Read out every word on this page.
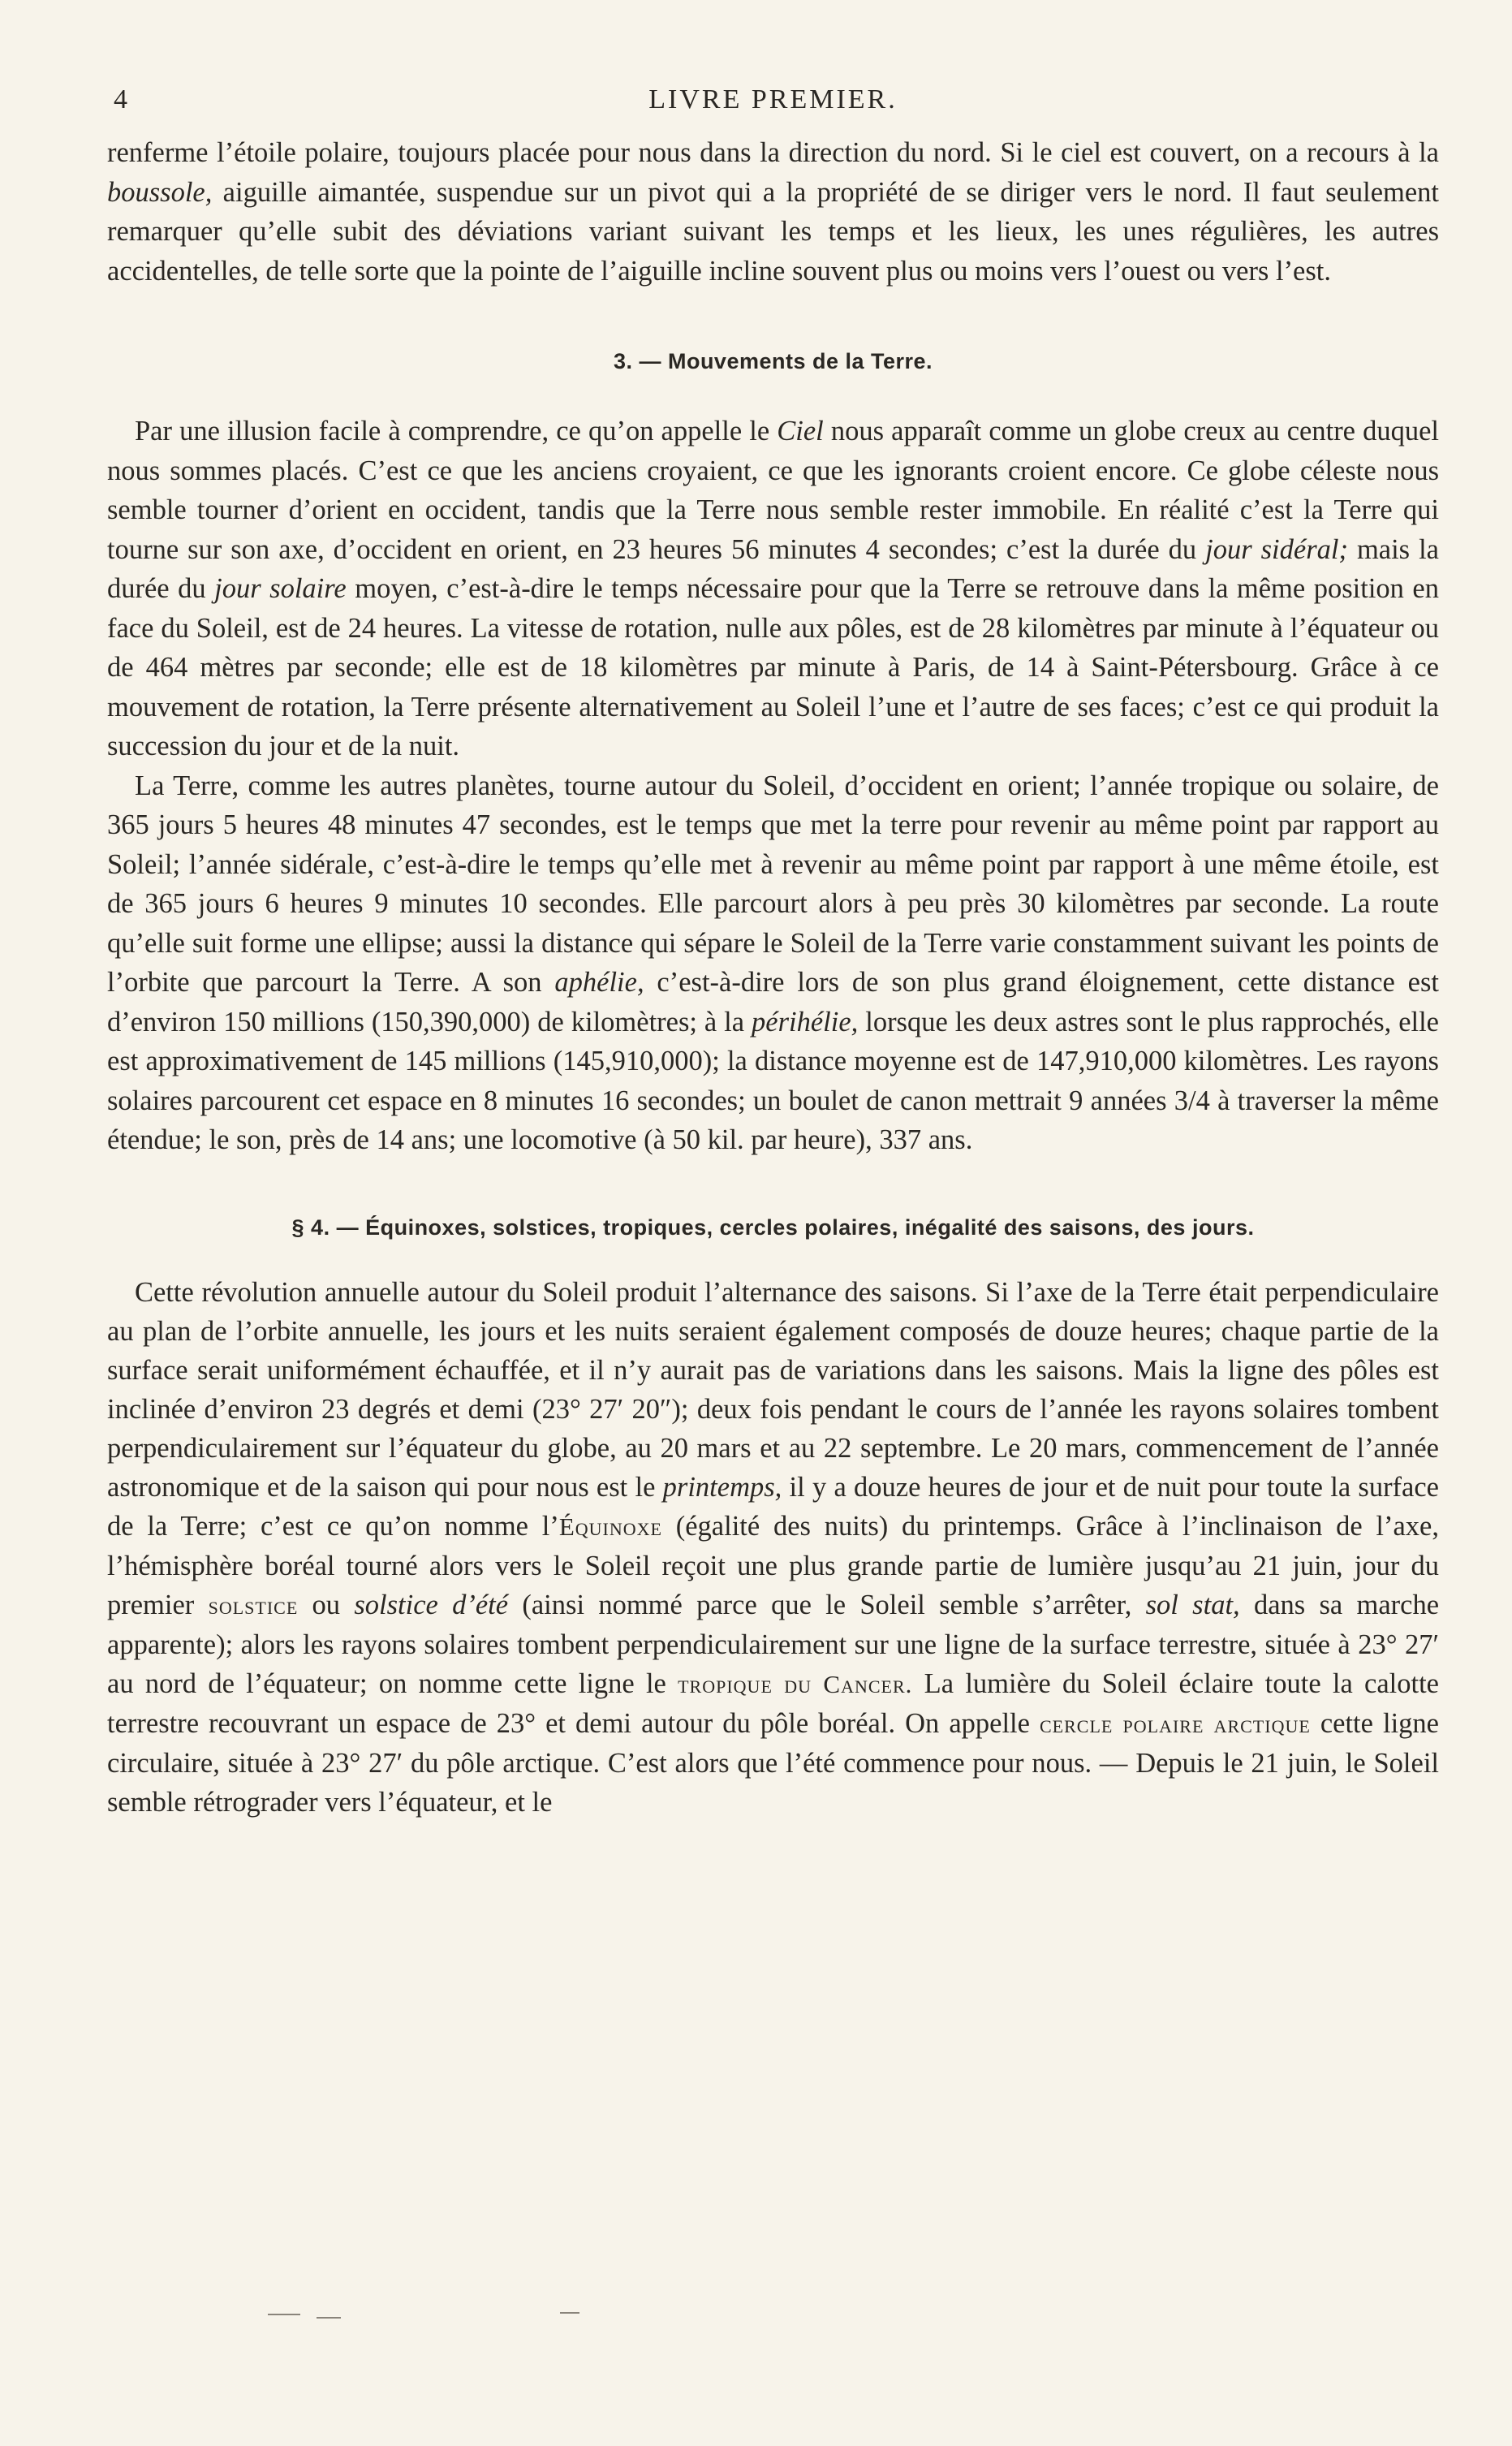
4	LIVRE PREMIER.

renferme l’étoile polaire, toujours placée pour nous dans la direction du nord. Si le ciel est couvert, on a recours à la boussole, aiguille aimantée, suspendue sur un pivot qui a la propriété de se diriger vers le nord. Il faut seulement remarquer qu’elle subit des déviations variant suivant les temps et les lieux, les unes régulières, les autres accidentelles, de telle sorte que la pointe de l’aiguille incline souvent plus ou moins vers l’ouest ou vers l’est.

3. — Mouvements de la Terre.

Par une illusion facile à comprendre, ce qu’on appelle le Ciel nous apparaît comme un globe creux au centre duquel nous sommes placés. C’est ce que les anciens croyaient, ce que les ignorants croient encore. Ce globe céleste nous semble tourner d’orient en occident, tandis que la Terre nous semble rester immobile. En réalité c’est la Terre qui tourne sur son axe, d’occident en orient, en 23 heures 56 minutes 4 secondes; c’est la durée du jour sidéral; mais la durée du jour solaire moyen, c’est-à-dire le temps nécessaire pour que la Terre se retrouve dans la même position en face du Soleil, est de 24 heures. La vitesse de rotation, nulle aux pôles, est de 28 kilomètres par minute à l’équateur ou de 464 mètres par seconde; elle est de 18 kilomètres par minute à Paris, de 14 à Saint-Pétersbourg. Grâce à ce mouvement de rotation, la Terre présente alternativement au Soleil l’une et l’autre de ses faces; c’est ce qui produit la succession du jour et de la nuit.

La Terre, comme les autres planètes, tourne autour du Soleil, d’occident en orient; l’année tropique ou solaire, de 365 jours 5 heures 48 minutes 47 secondes, est le temps que met la terre pour revenir au même point par rapport au Soleil; l’année sidérale, c’est-à-dire le temps qu’elle met à revenir au même point par rapport à une même étoile, est de 365 jours 6 heures 9 minutes 10 secondes. Elle parcourt alors à peu près 30 kilomètres par seconde. La route qu’elle suit forme une ellipse; aussi la distance qui sépare le Soleil de la Terre varie constamment suivant les points de l’orbite que parcourt la Terre. A son aphélie, c’est-à-dire lors de son plus grand éloignement, cette distance est d’environ 150 millions (150,390,000) de kilomètres; à la périhélie, lorsque les deux astres sont le plus rapprochés, elle est approximativement de 145 millions (145,910,000); la distance moyenne est de 147,910,000 kilomètres. Les rayons solaires parcourent cet espace en 8 minutes 16 secondes; un boulet de canon mettrait 9 années 3/4 à traverser la même étendue; le son, près de 14 ans; une locomotive (à 50 kil. par heure), 337 ans.

§ 4. — Équinoxes, solstices, tropiques, cercles polaires, inégalité des saisons, des jours.

Cette révolution annuelle autour du Soleil produit l’alternance des saisons. Si l’axe de la Terre était perpendiculaire au plan de l’orbite annuelle, les jours et les nuits seraient également composés de douze heures; chaque partie de la surface serait uniformément échauffée, et il n’y aurait pas de variations dans les saisons. Mais la ligne des pôles est inclinée d’environ 23 degrés et demi (23° 27′ 20″); deux fois pendant le cours de l’année les rayons solaires tombent perpendiculairement sur l’équateur du globe, au 20 mars et au 22 septembre. Le 20 mars, commencement de l’année astronomique et de la saison qui pour nous est le printemps, il y a douze heures de jour et de nuit pour toute la surface de la Terre; c’est ce qu’on nomme l’Équinoxe (égalité des nuits) du printemps. Grâce à l’inclinaison de l’axe, l’hémisphère boréal tourné alors vers le Soleil reçoit une plus grande partie de lumière jusqu’au 21 juin, jour du premier solstice ou solstice d’été (ainsi nommé parce que le Soleil semble s’arrêter, sol stat, dans sa marche apparente); alors les rayons solaires tombent perpendiculairement sur une ligne de la surface terrestre, située à 23° 27′ au nord de l’équateur; on nomme cette ligne le tropique du Cancer. La lumière du Soleil éclaire toute la calotte terrestre recouvrant un espace de 23° et demi autour du pôle boréal. On appelle cercle polaire arctique cette ligne circulaire, située à 23° 27′ du pôle arctique. C’est alors que l’été commence pour nous. — Depuis le 21 juin, le Soleil semble rétrograder vers l’équateur, et le
